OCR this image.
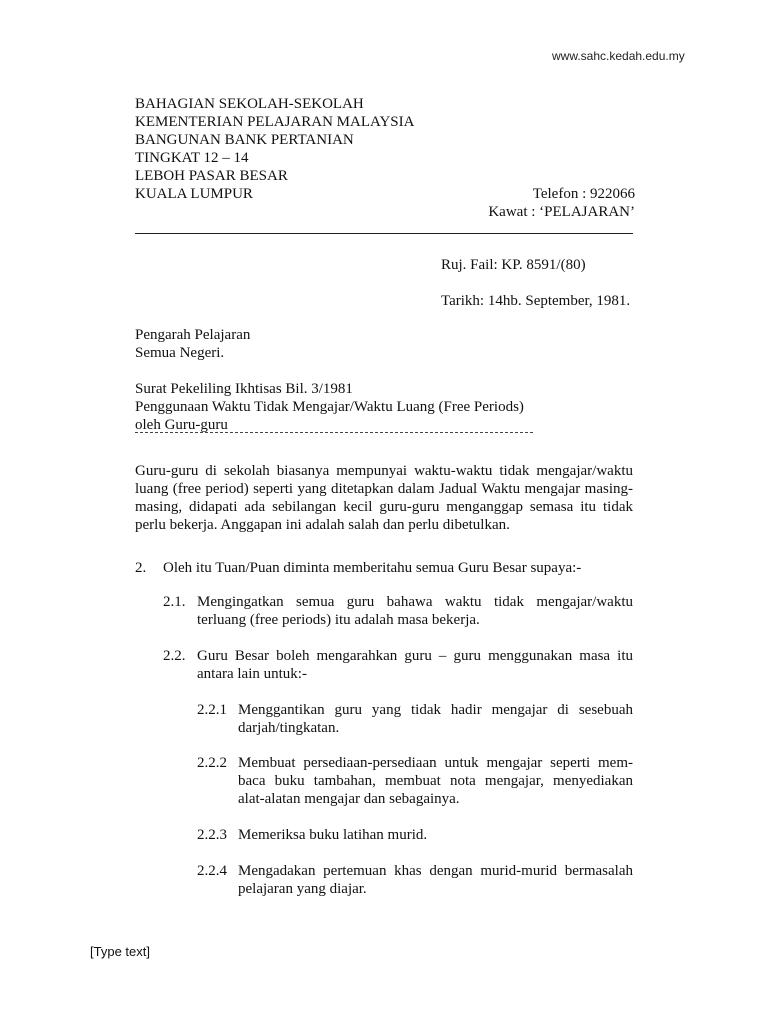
www.sahc.kedah.edu.my
BAHAGIAN SEKOLAH-SEKOLAH
KEMENTERIAN PELAJARAN MALAYSIA
BANGUNAN BANK PERTANIAN
TINGKAT 12 – 14
LEBOH PASAR BESAR
KUALA LUMPUR	Telefon : 922066
Kawat : ‘PELAJARAN’
Ruj. Fail: KP. 8591/(80)
Tarikh: 14hb. September, 1981.
Pengarah Pelajaran
Semua Negeri.
Surat Pekeliling Ikhtisas Bil. 3/1981
Penggunaan Waktu Tidak Mengajar/Waktu Luang (Free Periods)
oleh Guru-guru
Guru-guru di sekolah biasanya mempunyai waktu-waktu tidak mengajar/waktu
luang (free period) seperti yang ditetapkan dalam Jadual Waktu mengajar masing-
masing, didapati ada sebilangan kecil guru-guru menganggap semasa itu tidak
perlu bekerja. Anggapan ini adalah salah dan perlu dibetulkan.
2. Oleh itu Tuan/Puan diminta memberitahu semua Guru Besar supaya:-
2.1. Mengingatkan semua guru bahawa waktu tidak mengajar/waktu
terluang (free periods) itu adalah masa bekerja.
2.2. Guru Besar boleh mengarahkan guru – guru menggunakan masa itu
antara lain untuk:-
2.2.1 Menggantikan guru yang tidak hadir mengajar di sesebuah
darjah/tingkatan.
2.2.2 Membuat persediaan-persediaan untuk mengajar seperti mem-
baca buku tambahan, membuat nota mengajar, menyediakan
alat-alatan mengajar dan sebagainya.
2.2.3 Memeriksa buku latihan murid.
2.2.4 Mengadakan pertemuan khas dengan murid-murid bermasalah
pelajaran yang diajar.
[Type text]
